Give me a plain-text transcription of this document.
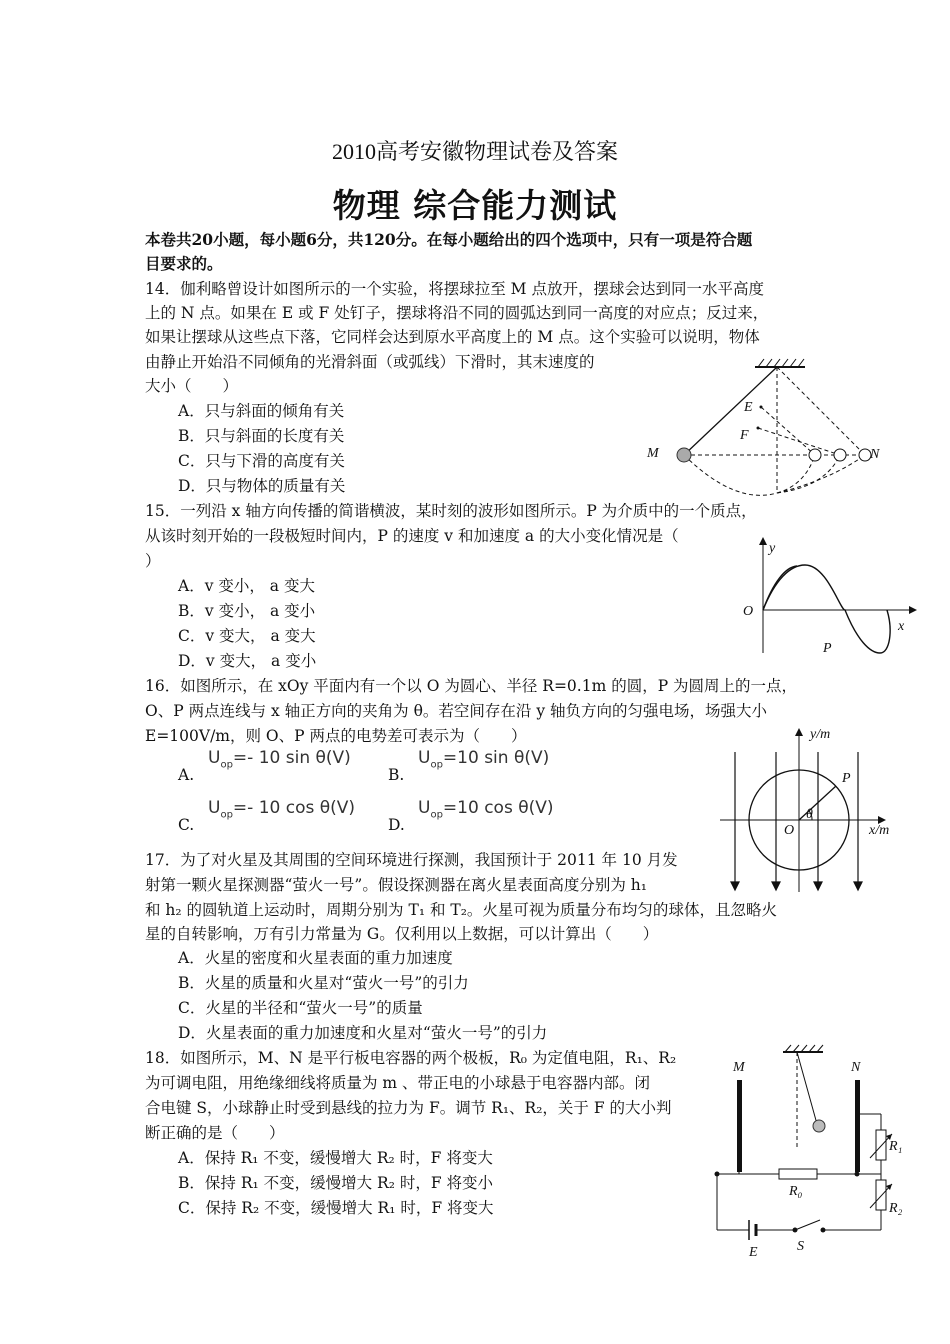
2010高考安徽物理试卷及答案
物理 综合能力测试
本卷共20小题，每小题6分，共120分。在每小题给出的四个选项中，只有一项是符合题
目要求的。
14．伽利略曾设计如图所示的一个实验，将摆球拉至 M 点放开，摆球会达到同一水平高度
上的 N 点。如果在 E 或 F 处钉子，摆球将沿不同的圆弧达到同一高度的对应点；反过来，
如果让摆球从这些点下落，它同样会达到原水平高度上的 M 点。这个实验可以说明，物体
由静止开始沿不同倾角的光滑斜面（或弧线）下滑时，其末速度的
大小（　　）
A．只与斜面的倾角有关
B．只与斜面的长度有关
C．只与下滑的高度有关
D．只与物体的质量有关
E
F
M	N
15．一列沿 x 轴方向传播的简谐横波，某时刻的波形如图所示。P 为介质中的一个质点，
从该时刻开始的一段极短时间内，P 的速度 v 和加速度 a 的大小变化情况是（
）
A．v 变小， a 变大
B．v 变小， a 变小
C．v 变大， a 变大
D．v 变大， a 变小
y
O
x
P
16．如图所示，在 xOy 平面内有一个以 O 为圆心、半径 R=0.1m 的圆，P 为圆周上的一点，
O、P 两点连线与 x 轴正方向的夹角为 θ。若空间存在沿 y 轴负方向的匀强电场，场强大小
E=100V/m，则 O、P 两点的电势差可表示为（　　）
A.
$U_{op}=-$ 10 sin θ(V)
B.
$U_{op}=10$ sin θ(V)
C.
$U_{op}=-$ 10 cos θ(V)
D.
$U_{op}=10$ cos θ(V)
y/m
x/m
O
P
θ
17．为了对火星及其周围的空间环境进行探测，我国预计于 2011 年 10 月发
射第一颗火星探测器“萤火一号”。假设探测器在离火星表面高度分别为 h₁
和 h₂ 的圆轨道上运动时，周期分别为 T₁ 和 T₂。火星可视为质量分布均匀的球体，且忽略火
星的自转影响，万有引力常量为 G。仅利用以上数据，可以计算出（　　）
A．火星的密度和火星表面的重力加速度
B．火星的质量和火星对“萤火一号”的引力
C．火星的半径和“萤火一号”的质量
D．火星表面的重力加速度和火星对“萤火一号”的引力
18．如图所示，M、N 是平行板电容器的两个极板，R₀ 为定值电阻，R₁、R₂
为可调电阻，用绝缘细线将质量为 m 、带正电的小球悬于电容器内部。闭
合电键 S，小球静止时受到悬线的拉力为 F。调节 R₁、R₂，关于 F 的大小判
断正确的是（　　）
A．保持 R₁ 不变，缓慢增大 R₂ 时，F 将变大
B．保持 R₁ 不变，缓慢增大 R₂ 时，F 将变小
C．保持 R₂ 不变，缓慢增大 R₁ 时，F 将变大
M	N
R₁
R₀
R₂
E	S
